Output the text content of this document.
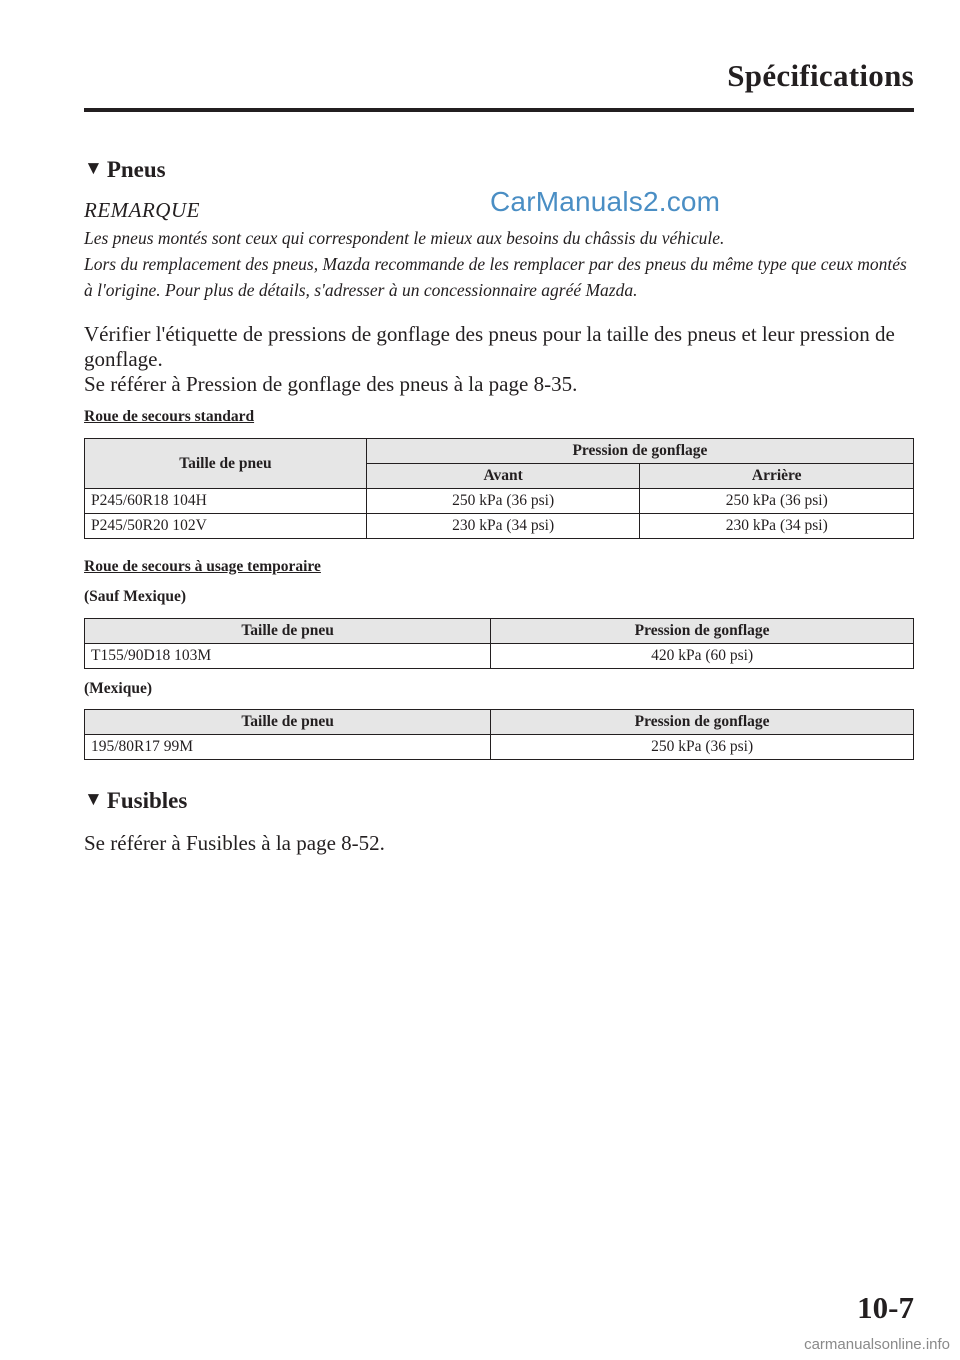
Spécifications
▼ Pneus
CarManuals2.com
REMARQUE

Les pneus montés sont ceux qui correspondent le mieux aux besoins du châssis du véhicule.

Lors du remplacement des pneus, Mazda recommande de les remplacer par des pneus du même type que ceux montés à l'origine. Pour plus de détails, s'adresser à un concessionnaire agréé Mazda.

Vérifier l'étiquette de pressions de gonflage des pneus pour la taille des pneus et leur pression de gonflage.

Se référer à Pression de gonflage des pneus à la page 8-35.

Roue de secours standard
Taille de pneu	Pression de gonflage	
	Avant	Arrière
P245/60R18 104H	250 kPa (36 psi)	250 kPa (36 psi)
P245/50R20 102V	230 kPa (34 psi)	230 kPa (34 psi)
Roue de secours à usage temporaire
(Sauf Mexique)
Taille de pneu	Pression de gonflage
T155/90D18 103M	420 kPa (60 psi)
(Mexique)
Taille de pneu	Pression de gonflage
195/80R17 99M	250 kPa (36 psi)
▼ Fusibles
Se référer à Fusibles à la page 8-52.
10-7
carmanualsonline.info
